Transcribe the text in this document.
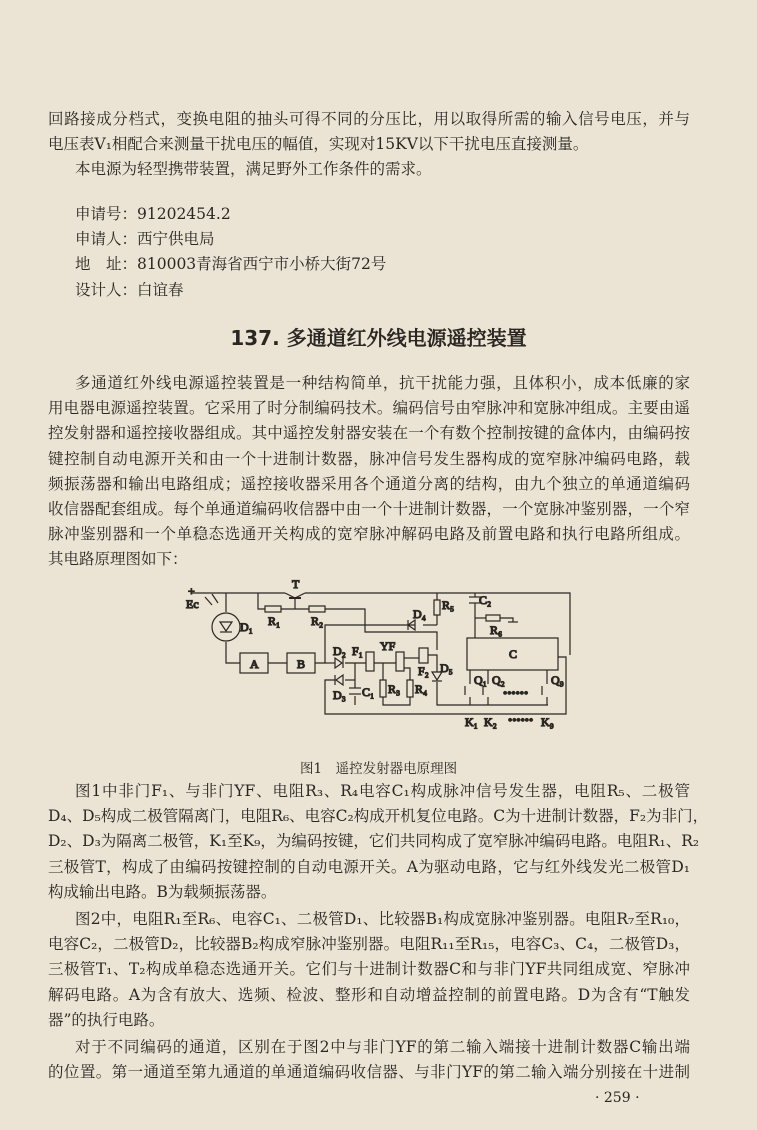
回路接成分档式，变换电阻的抽头可得不同的分压比，用以取得所需的输入信号电压，并与
电压表V₁相配合来测量干扰电压的幅值，实现对15KV以下干扰电压直接测量。
本电源为轻型携带装置，满足野外工作条件的需求。
申请号：91202454.2
申请人：西宁供电局
地　址：810003青海省西宁市小桥大街72号
设计人：白谊春
多通道红外线电源遥控装置是一种结构简单，抗干扰能力强，且体积小，成本低廉的家
用电器电源遥控装置。它采用了时分制编码技术。编码信号由窄脉冲和宽脉冲组成。主要由遥
控发射器和遥控接收器组成。其中遥控发射器安装在一个有数个控制按键的盒体内，由编码按
键控制自动电源开关和由一个十进制计数器，脉冲信号发生器构成的宽窄脉冲编码电路，载
频振荡器和输出电路组成；遥控接收器采用各个通道分离的结构，由九个独立的单通道编码
收信器配套组成。每个单通道编码收信器中由一个十进制计数器，一个宽脉冲鉴别器，一个窄
脉冲鉴别器和一个单稳态选通开关构成的宽窄脉冲解码电路及前置电路和执行电路所组成。
其电路原理图如下：
图1中非门F₁、与非门YF、电阻R₃、R₄电容C₁构成脉冲信号发生器，电阻R₅、二极管
D₄、D₅构成二极管隔离门，电阻R₆、电容C₂构成开机复位电路。C为十进制计数器，F₂为非门，
D₂、D₃为隔离二极管，K₁至K₉，为编码按键，它们共同构成了宽窄脉冲编码电路。电阻R₁、R₂
三极管T，构成了由编码按键控制的自动电源开关。A为驱动电路，它与红外线发光二极管D₁
构成输出电路。B为载频振荡器。
图2中，电阻R₁至R₆、电容C₁、二极管D₁、比较器B₁构成宽脉冲鉴别器。电阻R₇至R₁₀，
电容C₂，二极管D₂，比较器B₂构成窄脉冲鉴别器。电阻R₁₁至R₁₅，电容C₃、C₄，二极管D₃，
三极管T₁、T₂构成单稳态选通开关。它们与十进制计数器C和与非门YF共同组成宽、窄脉冲
解码电路。A为含有放大、选频、检波、整形和自动增益控制的前置电路。D为含有“T触发
器”的执行电路。
对于不同编码的通道，区别在于图2中与非门YF的第二输入端接十进制计数器C输出端
的位置。第一通道至第九通道的单通道编码收信器、与非门YF的第二输入端分别接在十进制
137. 多通道红外线电源遥控装置
+
Ec
T
R₁	R₂
R₅ C₂
R₆
D₄
D₁
A	B
C
D₂ F₁ YF
F₂ D₅
D₃ C₁ R₃ R₄
Q₁ Q₂
••••••
Q₉
K₁ K₂ •••••• K₉
图1　遥控发射器电原理图
· 259 ·
